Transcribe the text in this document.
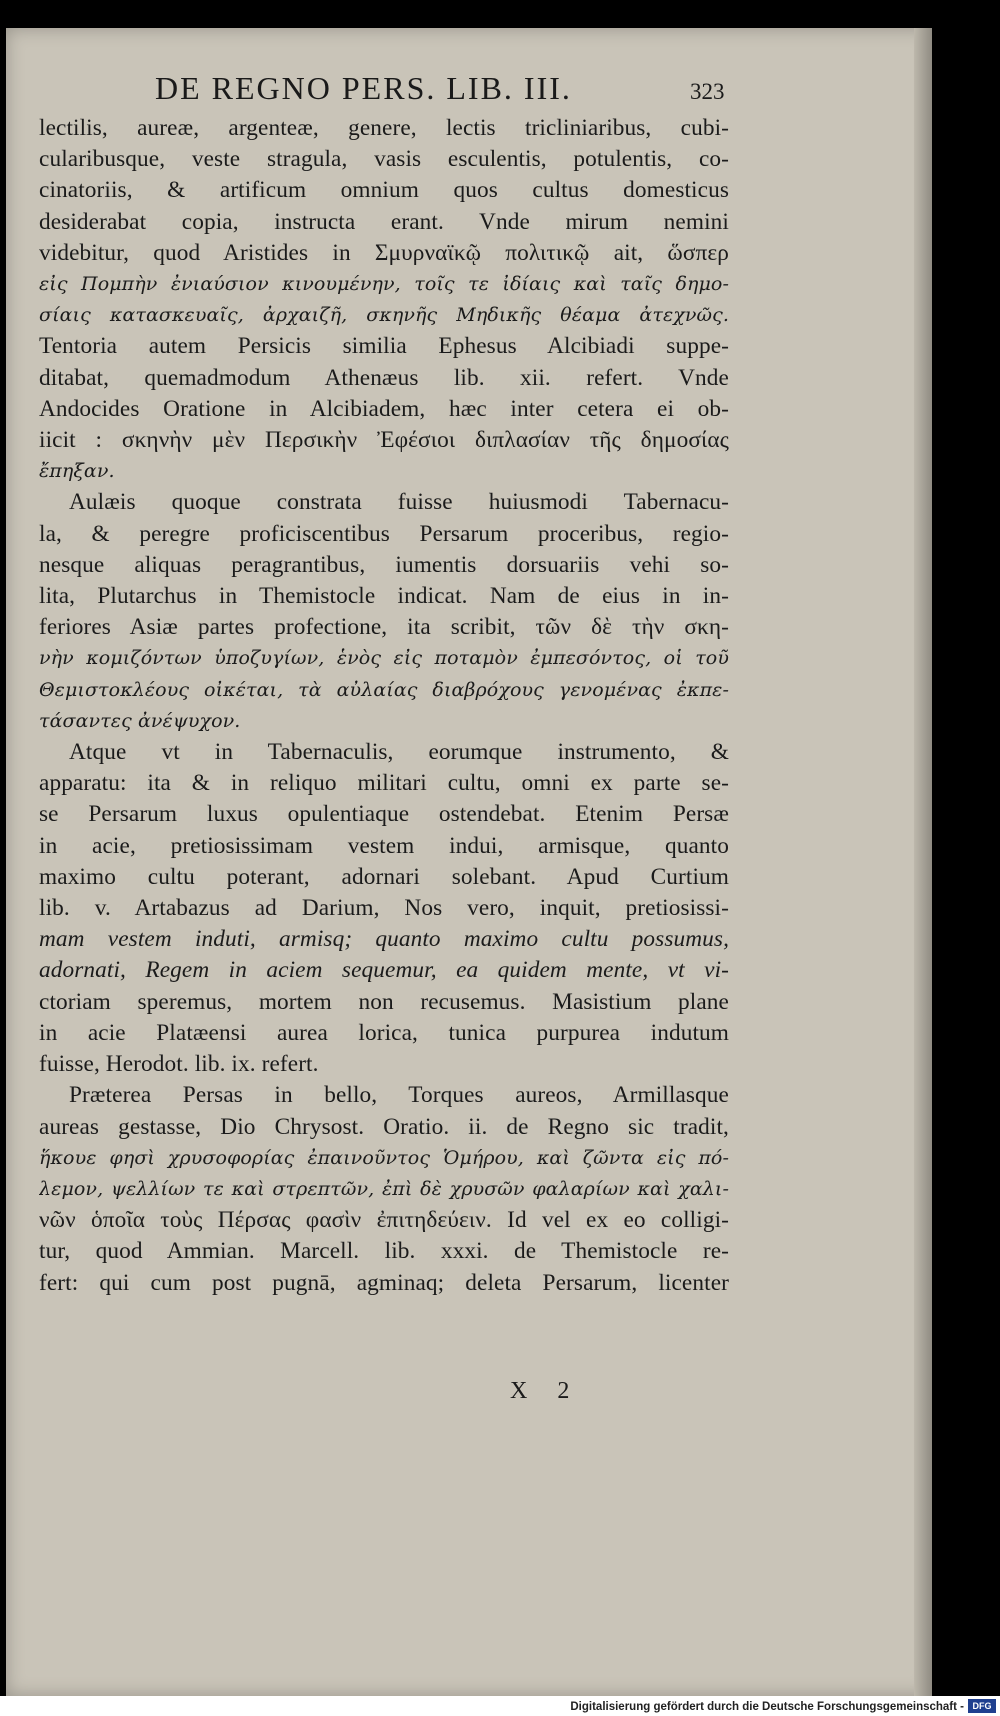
DE REGNO PERS. LIB. III.	323
lectilis, aureæ, argenteæ, genere, lectis tricliniaribus, cubi-
cularibusque, veste stragula, vasis esculentis, potulentis, co-
cinatoriis, & artificum omnium quos cultus domesticus
desiderabat copia, instructa erant. Vnde mirum nemini
videbitur, quod Aristides in Σμυρναϊκῷ πολιτικῷ ait, ὥσπερ
εἰς Πομπὴν ἐνιαύσιον κινουμένην, τοῖς τε ἰδίαις καὶ ταῖς δημο-
σίαις κατασκευαῖς, ἀρχαιζῆ, σκηνῆς Μηδικῆς θέαμα ἀτεχνῶς.
Tentoria autem Persicis similia Ephesus Alcibiadi suppe-
ditabat, quemadmodum Athenæus lib. xii. refert. Vnde
Andocides Oratione in Alcibiadem, hæc inter cetera ei ob-
iicit : σκηνὴν μὲν Περσικὴν Ἐφέσιοι διπλασίαν τῆς δημοσίας
ἔπηξαν.
Aulæis quoque constrata fuisse huiusmodi Tabernacu-
la, & peregre proficiscentibus Persarum proceribus, regio-
nesque aliquas peragrantibus, iumentis dorsuariis vehi so-
lita, Plutarchus in Themistocle indicat. Nam de eius in in-
feriores Asiæ partes profectione, ita scribit, τῶν δὲ τὴν σκη-
νὴν κομιζόντων ὑποζυγίων, ἑνὸς εἰς ποταμὸν ἐμπεσόντος, οἱ τοῦ
Θεμιστοκλέους οἰκέται, τὰ αὐλαίας διαβρόχους γενομένας ἐκπε-
τάσαντες ἀνέψυχον.
Atque vt in Tabernaculis, eorumque instrumento, &
apparatu: ita & in reliquo militari cultu, omni ex parte se-
se Persarum luxus opulentiaque ostendebat. Etenim Persæ
in acie, pretiosissimam vestem indui, armisque, quanto
maximo cultu poterant, adornari solebant. Apud Curtium
lib. v. Artabazus ad Darium, Nos vero, inquit, pretiosissi-
mam vestem induti, armisq; quanto maximo cultu possumus,
adornati, Regem in aciem sequemur, ea quidem mente, vt vi-
ctoriam speremus, mortem non recusemus. Masistium plane
in acie Platæensi aurea lorica, tunica purpurea indutum
fuisse, Herodot. lib. ix. refert.
Præterea Persas in bello, Torques aureos, Armillasque
aureas gestasse, Dio Chrysost. Oratio. ii. de Regno sic tradit,
ἥκουε φησὶ χρυσοφορίας ἐπαινοῦντος Ὁμήρου, καὶ ζῶντα εἰς πό-
λεμον, ψελλίων τε καὶ στρεπτῶν, ἐπὶ δὲ χρυσῶν φαλαρίων καὶ χαλι-
νῶν ὁποῖα τοὺς Πέρσας φασὶν ἐπιτηδεύειν. Id vel ex eo colligi-
tur, quod Ammian. Marcell. lib. xxxi. de Themistocle re-
fert: qui cum post pugnā, agminaq; deleta Persarum, licenter
X 2
Digitalisierung gefördert durch die Deutsche Forschungsgemeinschaft - DFG
